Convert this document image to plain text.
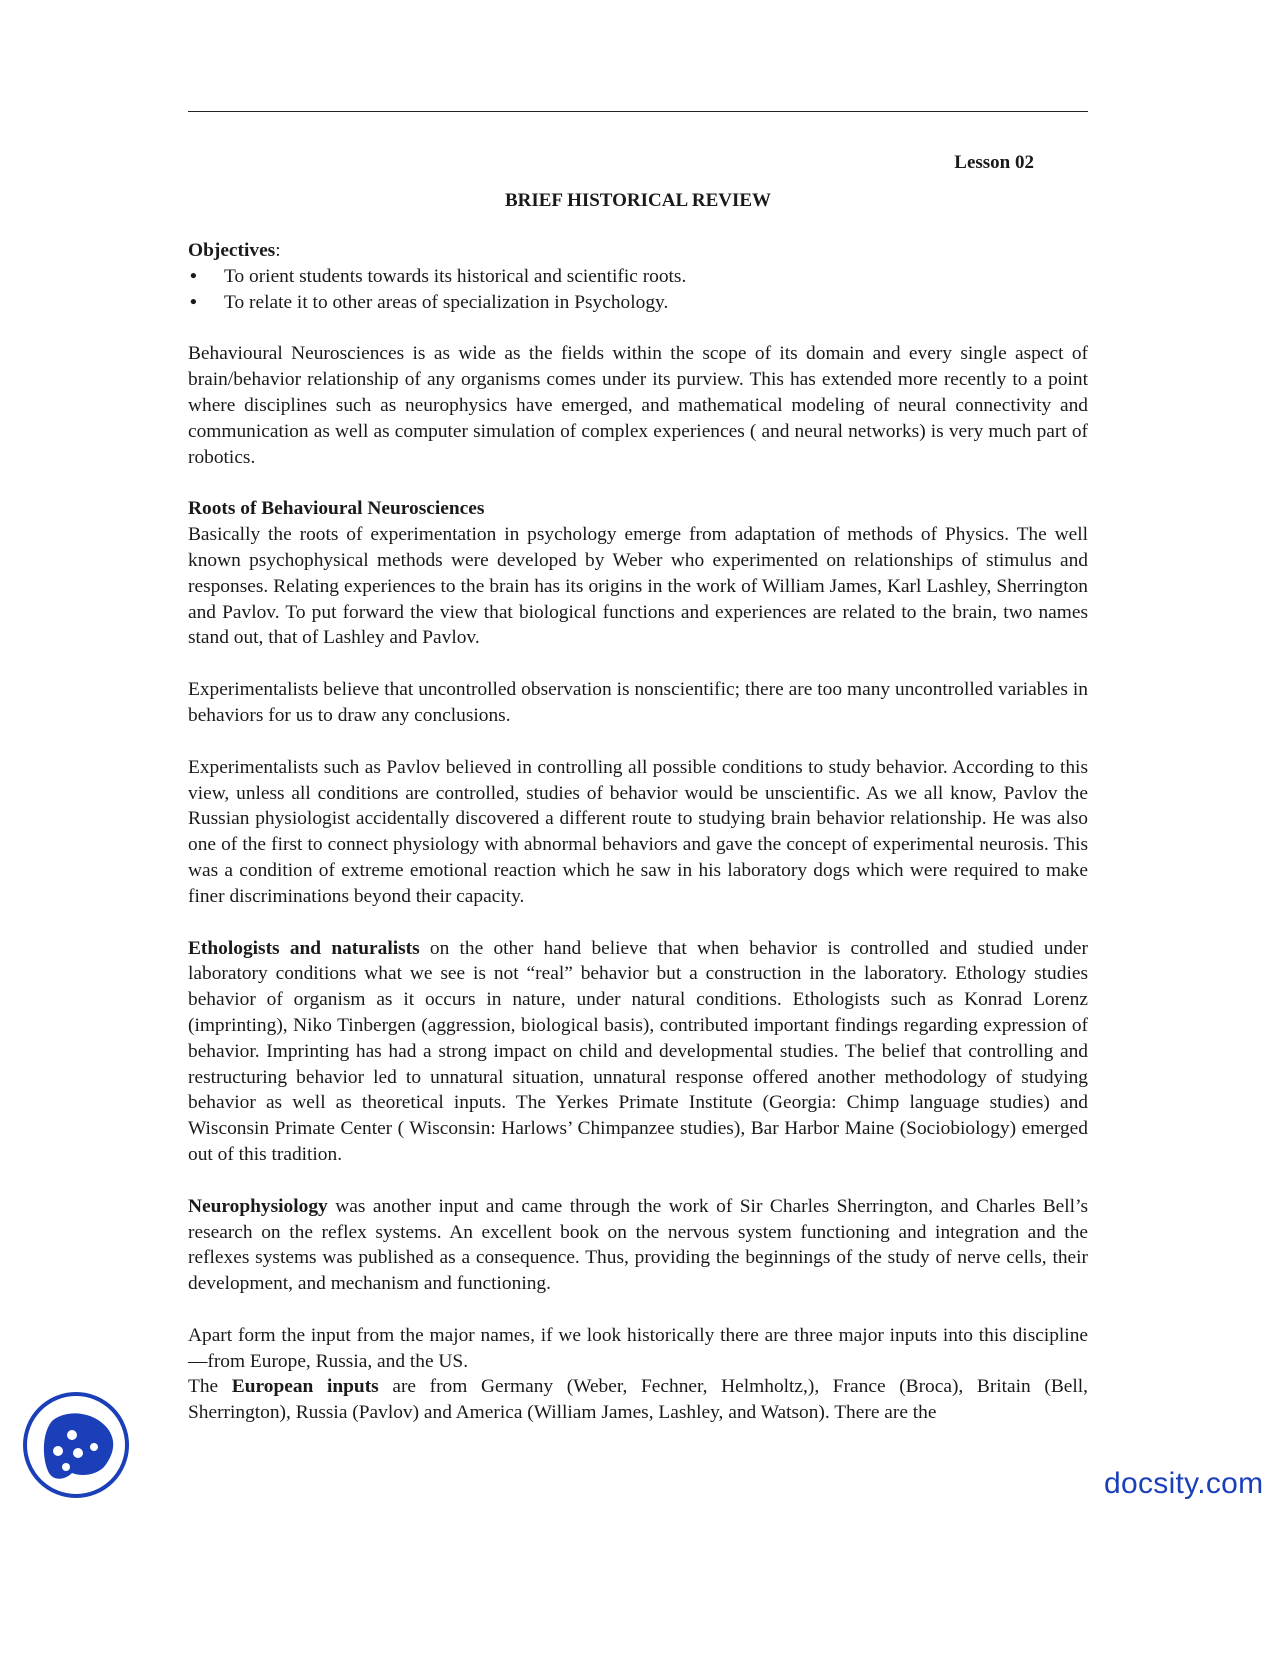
Lesson 02
BRIEF HISTORICAL REVIEW
Objectives:
• To orient students towards its historical and scientific roots.
• To relate it to other areas of specialization in Psychology.

Behavioural Neurosciences is as wide as the fields within the scope of its domain and every single aspect of brain/behavior relationship of any organisms comes under its purview. This has extended more recently to a point where disciplines such as neurophysics have emerged, and mathematical modeling of neural connectivity and communication as well as computer simulation of complex experiences ( and neural networks) is very much part of robotics.

Roots of Behavioural Neurosciences
Basically the roots of experimentation in psychology emerge from adaptation of methods of Physics. The well known psychophysical methods were developed by Weber who experimented on relationships of stimulus and responses. Relating experiences to the brain has its origins in the work of William James, Karl Lashley, Sherrington and Pavlov. To put forward the view that biological functions and experiences are related to the brain, two names stand out, that of Lashley and Pavlov.

Experimentalists believe that uncontrolled observation is nonscientific; there are too many uncontrolled variables in behaviors for us to draw any conclusions.

Experimentalists such as Pavlov believed in controlling all possible conditions to study behavior. According to this view, unless all conditions are controlled, studies of behavior would be unscientific. As we all know, Pavlov the Russian physiologist accidentally discovered a different route to studying brain behavior relationship. He was also one of the first to connect physiology with abnormal behaviors and gave the concept of experimental neurosis. This was a condition of extreme emotional reaction which he saw in his laboratory dogs which were required to make finer discriminations beyond their capacity.

Ethologists and naturalists on the other hand believe that when behavior is controlled and studied under laboratory conditions what we see is not “real” behavior but a construction in the laboratory. Ethology studies behavior of organism as it occurs in nature, under natural conditions. Ethologists such as Konrad Lorenz (imprinting), Niko Tinbergen (aggression, biological basis), contributed important findings regarding expression of behavior. Imprinting has had a strong impact on child and developmental studies. The belief that controlling and restructuring behavior led to unnatural situation, unnatural response offered another methodology of studying behavior as well as theoretical inputs. The Yerkes Primate Institute (Georgia: Chimp language studies) and Wisconsin Primate Center ( Wisconsin: Harlows’ Chimpanzee studies), Bar Harbor Maine (Sociobiology) emerged out of this tradition.

Neurophysiology was another input and came through the work of Sir Charles Sherrington, and Charles Bell’s research on the reflex systems. An excellent book on the nervous system functioning and integration and the reflexes systems was published as a consequence. Thus, providing the beginnings of the study of nerve cells, their development, and mechanism and functioning.

Apart form the input from the major names, if we look historically there are three major inputs into this discipline—from Europe, Russia, and the US.

The European inputs are from Germany (Weber, Fechner, Helmholtz,), France (Broca), Britain (Bell, Sherrington), Russia (Pavlov) and America (William James, Lashley, and Watson). There are the

docsity.com
